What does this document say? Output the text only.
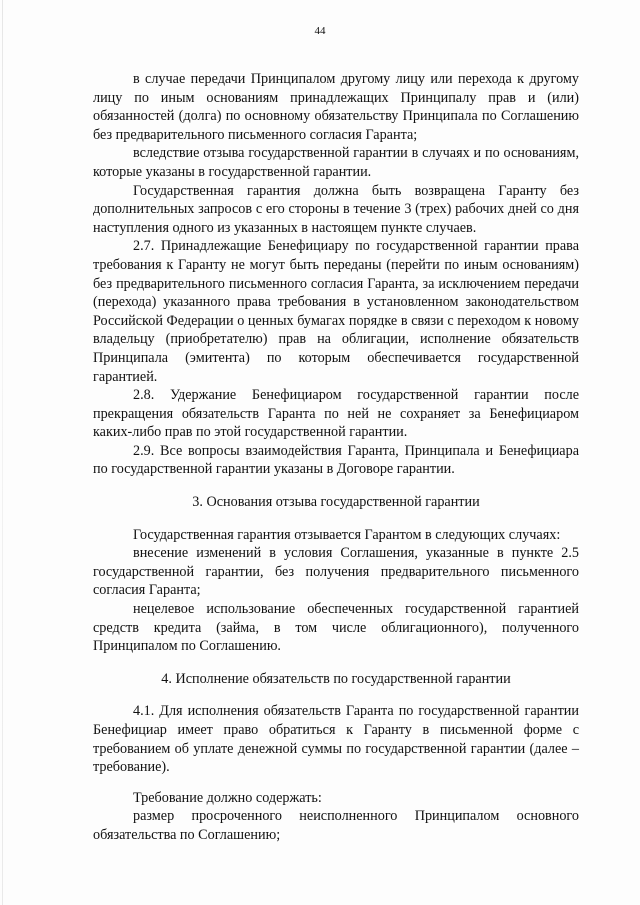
44

в случае передачи Принципалом другому лицу или перехода к другому лицу по иным основаниям принадлежащих Принципалу прав и (или) обязанностей (долга) по основному обязательству Принципала по Соглашению без предварительного письменного согласия Гаранта;

вследствие отзыва государственной гарантии в случаях и по основаниям, которые указаны в государственной гарантии.

Государственная гарантия должна быть возвращена Гаранту без дополнительных запросов с его стороны в течение 3 (трех) рабочих дней со дня наступления одного из указанных в настоящем пункте случаев.

2.7. Принадлежащие Бенефициару по государственной гарантии права требования к Гаранту не могут быть переданы (перейти по иным основаниям) без предварительного письменного согласия Гаранта, за исключением передачи (перехода) указанного права требования в установленном законодательством Российской Федерации о ценных бумагах порядке в связи с переходом к новому владельцу (приобретателю) прав на облигации, исполнение обязательств Принципала (эмитента) по которым обеспечивается государственной гарантией.

2.8. Удержание Бенефициаром государственной гарантии после прекращения обязательств Гаранта по ней не сохраняет за Бенефициаром каких-либо прав по этой государственной гарантии.

2.9. Все вопросы взаимодействия Гаранта, Принципала и Бенефициара по государственной гарантии указаны в Договоре гарантии.

3. Основания отзыва государственной гарантии

Государственная гарантия отзывается Гарантом в следующих случаях:

внесение изменений в условия Соглашения, указанные в пункте 2.5 государственной гарантии, без получения предварительного письменного согласия Гаранта;

нецелевое использование обеспеченных государственной гарантией средств кредита (займа, в том числе облигационного), полученного Принципалом по Соглашению.

4. Исполнение обязательств по государственной гарантии

4.1. Для исполнения обязательств Гаранта по государственной гарантии Бенефициар имеет право обратиться к Гаранту в письменной форме с требованием об уплате денежной суммы по государственной гарантии (далее – требование).

Требование должно содержать:

размер просроченного неисполненного Принципалом основного обязательства по Соглашению;
